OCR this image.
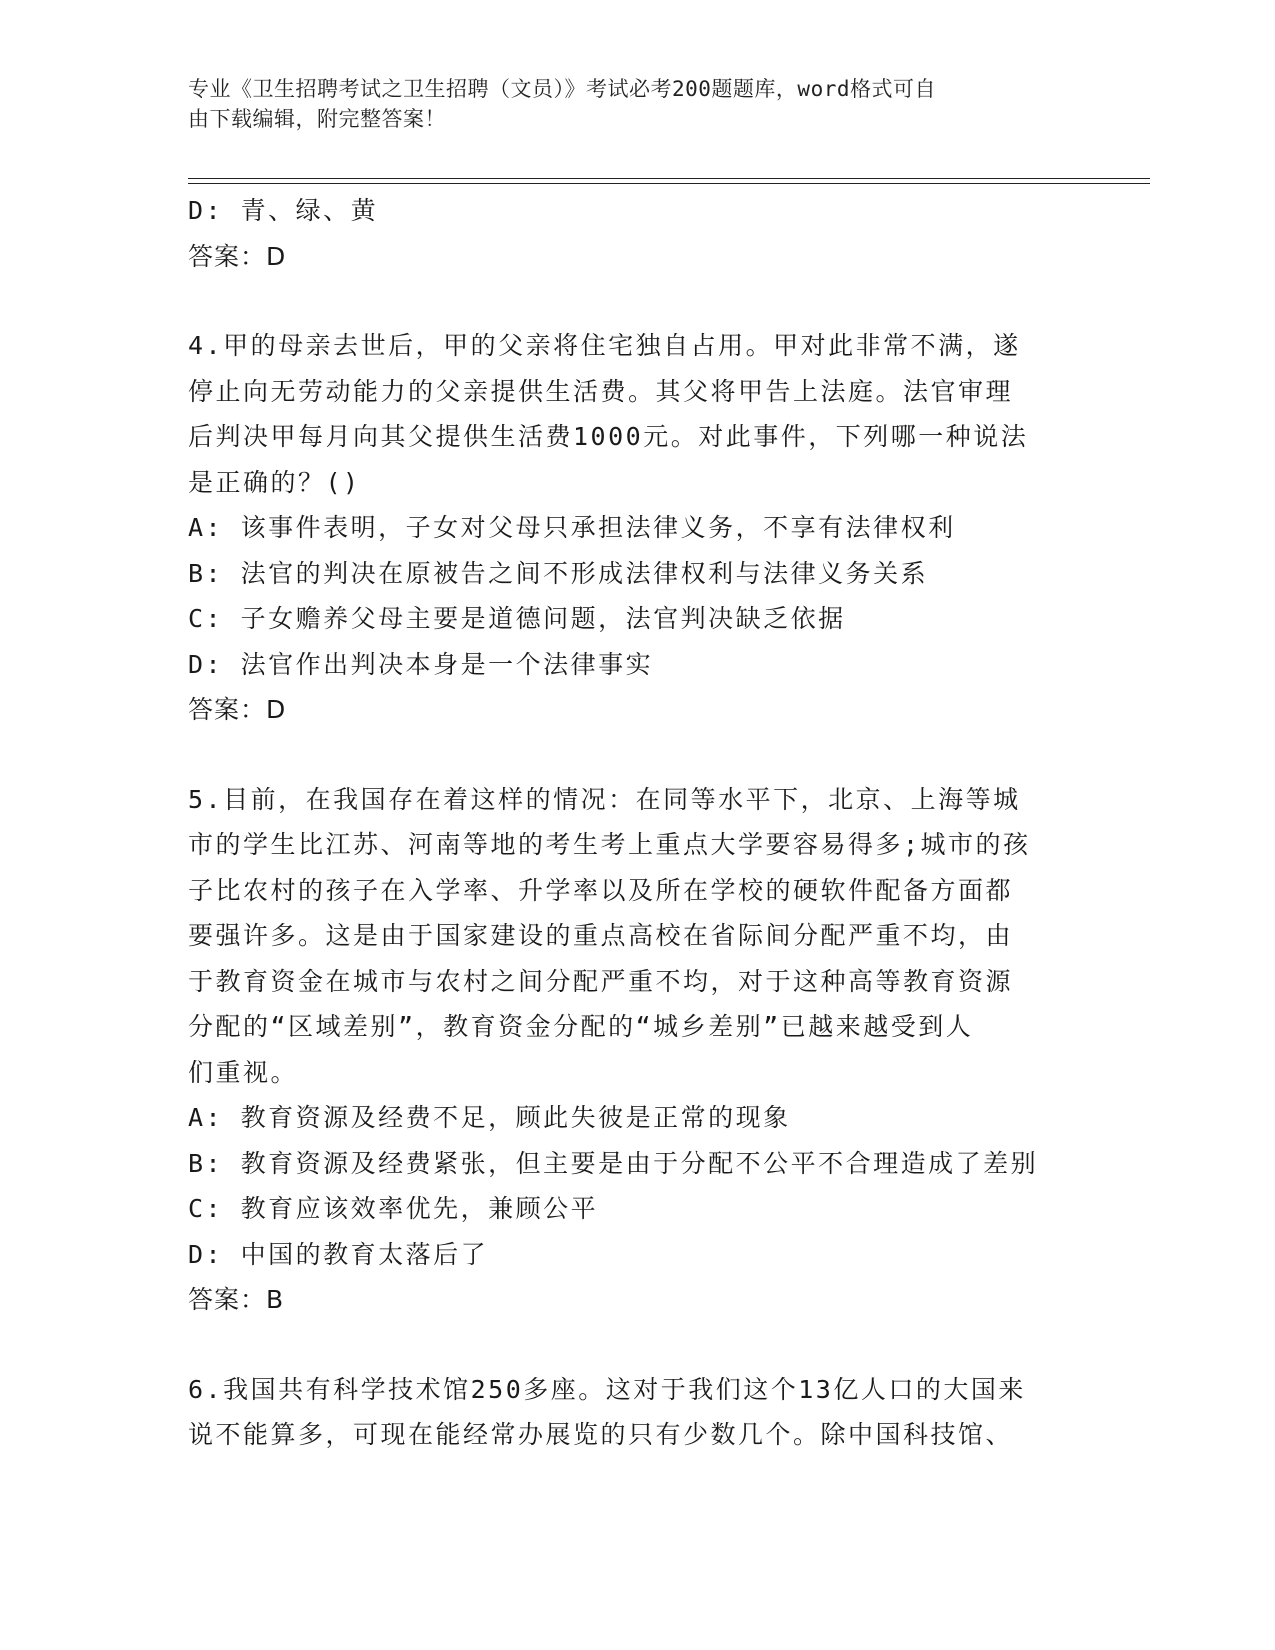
专业《卫生招聘考试之卫生招聘（文员）》考试必考200题题库，word格式可自
由下载编辑，附完整答案！
D: 青、绿、黄
答案：D
4.甲的母亲去世后，甲的父亲将住宅独自占用。甲对此非常不满，遂
停止向无劳动能力的父亲提供生活费。其父将甲告上法庭。法官审理
后判决甲每月向其父提供生活费1000元。对此事件，下列哪一种说法
是正确的？()
A: 该事件表明，子女对父母只承担法律义务，不享有法律权利
B: 法官的判决在原被告之间不形成法律权利与法律义务关系
C: 子女赡养父母主要是道德问题，法官判决缺乏依据
D: 法官作出判决本身是一个法律事实
答案：D
5.目前，在我国存在着这样的情况：在同等水平下，北京、上海等城
市的学生比江苏、河南等地的考生考上重点大学要容易得多;城市的孩
子比农村的孩子在入学率、升学率以及所在学校的硬软件配备方面都
要强许多。这是由于国家建设的重点高校在省际间分配严重不均，由
于教育资金在城市与农村之间分配严重不均，对于这种高等教育资源
分配的“区域差别”，教育资金分配的“城乡差别”已越来越受到人
们重视。
A: 教育资源及经费不足，顾此失彼是正常的现象
B: 教育资源及经费紧张，但主要是由于分配不公平不合理造成了差别
C: 教育应该效率优先，兼顾公平
D: 中国的教育太落后了
答案：B
6.我国共有科学技术馆250多座。这对于我们这个13亿人口的大国来
说不能算多，可现在能经常办展览的只有少数几个。除中国科技馆、
